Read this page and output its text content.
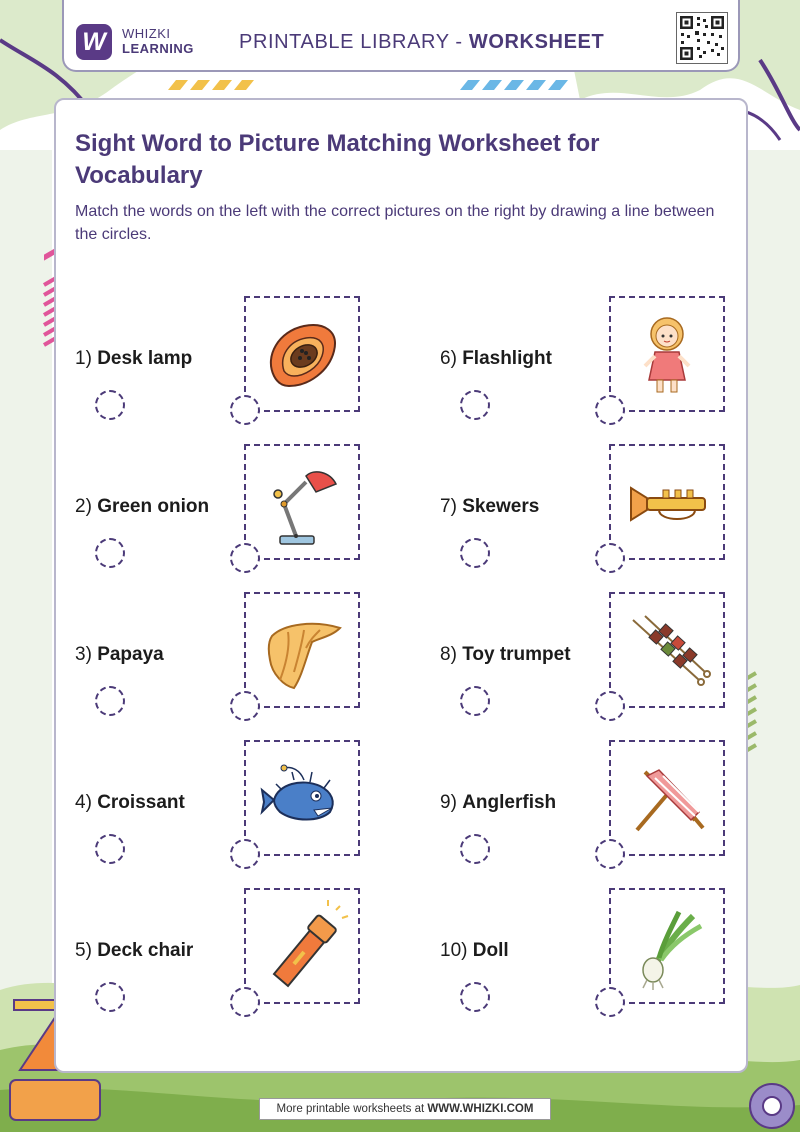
W	WHIZKI
LEARNING PRINTABLE LIBRARY - WORKSHEET
Sight Word to Picture Matching Worksheet for Vocabulary
Match the words on the left with the correct pictures on the right by drawing a line between the circles.
1) Desk lamp
2) Green onion
3) Papaya
4) Croissant
5) Deck chair
6) Flashlight
7) Skewers
8) Toy trumpet
9) Anglerfish
10) Doll
More printable worksheets at WWW.WHIZKI.COM
